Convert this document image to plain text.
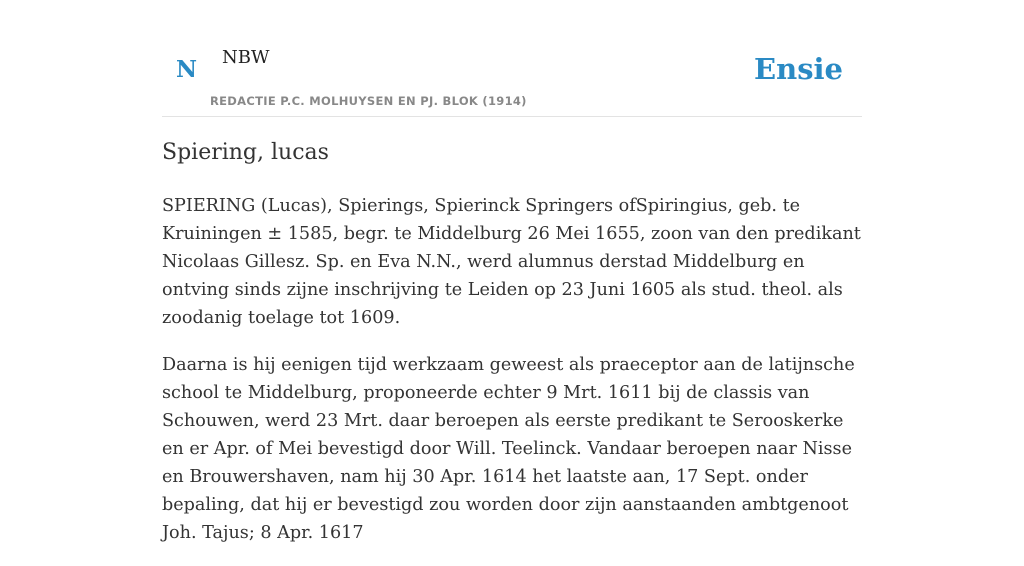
N NBW
REDACTIE P.C. MOLHUYSEN EN PJ. BLOK (1914)
Ensie
Spiering, lucas

SPIERING (Lucas), Spierings, Spierinck Springers ofSpiringius, geb. te Kruiningen ± 1585, begr. te Middelburg 26 Mei 1655, zoon van den predikant Nicolaas Gillesz. Sp. en Eva N.N., werd alumnus derstad Middelburg en ontving sinds zijne inschrijving te Leiden op 23 Juni 1605 als stud. theol. als zoodanig toelage tot 1609.

Daarna is hij eenigen tijd werkzaam geweest als praeceptor aan de latijnsche school te Middelburg, proponeerde echter 9 Mrt. 1611 bij de classis van Schouwen, werd 23 Mrt. daar beroepen als eerste predikant te Serooskerke en er Apr. of Mei bevestigd door Will. Teelinck. Vandaar beroepen naar Nisse en Brouwershaven, nam hij 30 Apr. 1614 het laatste aan, 17 Sept. onder bepaling, dat hij er bevestigd zou worden door zijn aanstaanden ambtgenoot Joh. Tajus; 8 Apr. 1617
